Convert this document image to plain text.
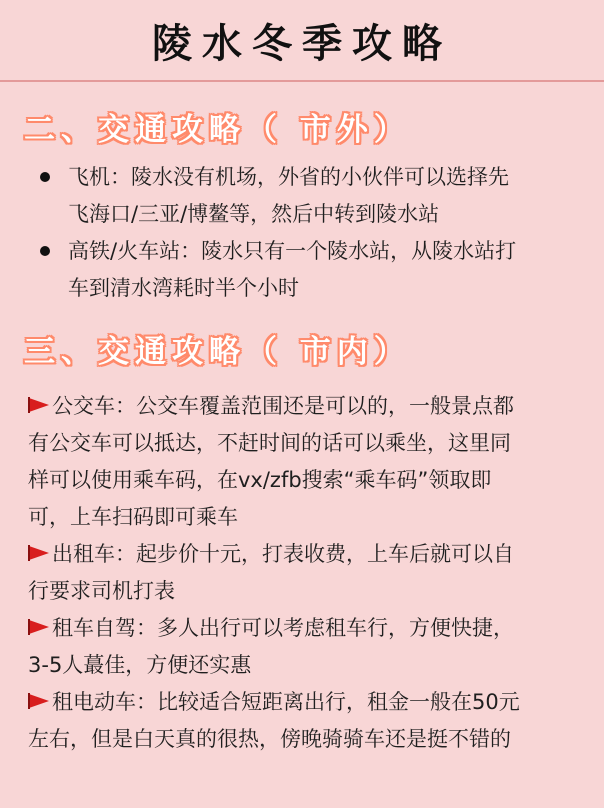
陵水冬季攻略
二、交通攻略（ 市外）
飞机：陵水没有机场，外省的小伙伴可以选择先
飞海口/三亚/博鳌等，然后中转到陵水站
高铁/火车站：陵水只有一个陵水站，从陵水站打
车到清水湾耗时半个小时
三、交通攻略（ 市内）
公交车：公交车覆盖范围还是可以的，一般景点都
有公交车可以抵达，不赶时间的话可以乘坐，这里同
样可以使用乘车码，在vx/zfb搜索“乘车码”领取即
可，上车扫码即可乘车
出租车：起步价十元，打表收费，上车后就可以自
行要求司机打表
租车自驾：多人出行可以考虑租车行，方便快捷，
3-5人蕞佳，方便还实惠
租电动车：比较适合短距离出行，租金一般在50元
左右，但是白天真的很热，傍晚骑骑车还是挺不错的
